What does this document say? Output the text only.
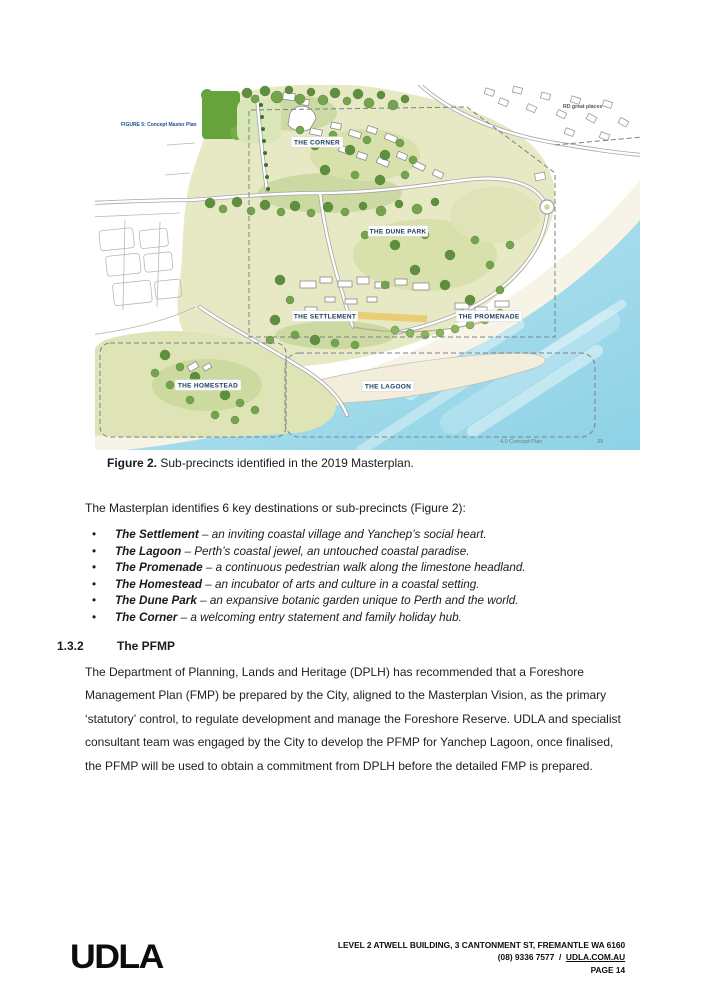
THE CORNER
THE DUNE PARK
THE SETTLEMENT	THE PROMENADE
THE HOMESTEAD	THE LAGOON
FIGURE 5: Concept Master Plan
RD great places
4.0 Concept Plan	39
Figure 2. Sub-precincts identified in the 2019 Masterplan.
The Masterplan identifies 6 key destinations or sub-precincts (Figure 2):
•	The Settlement – an inviting coastal village and Yanchep’s social heart.
•	The Lagoon – Perth’s coastal jewel, an untouched coastal paradise.
•	The Promenade – a continuous pedestrian walk along the limestone headland.
•	The Homestead – an incubator of arts and culture in a coastal setting.
•	The Dune Park – an expansive botanic garden unique to Perth and the world.
•	The Corner – a welcoming entry statement and family holiday hub.
1.3.2	The PFMP
The Department of Planning, Lands and Heritage (DPLH) has recommended that a Foreshore Management Plan (FMP) be prepared by the City, aligned to the Masterplan Vision, as the primary ‘statutory’ control, to regulate development and manage the Foreshore Reserve. UDLA and specialist consultant team was engaged by the City to develop the PFMP for Yanchep Lagoon, once finalised, the PFMP will be used to obtain a commitment from DPLH before the detailed FMP is prepared.
UDLA	LEVEL 2 ATWELL BUILDING, 3 CANTONMENT ST, FREMANTLE WA 6160
(08) 9336 7577  /  UDLA.COM.AU
PAGE 14
